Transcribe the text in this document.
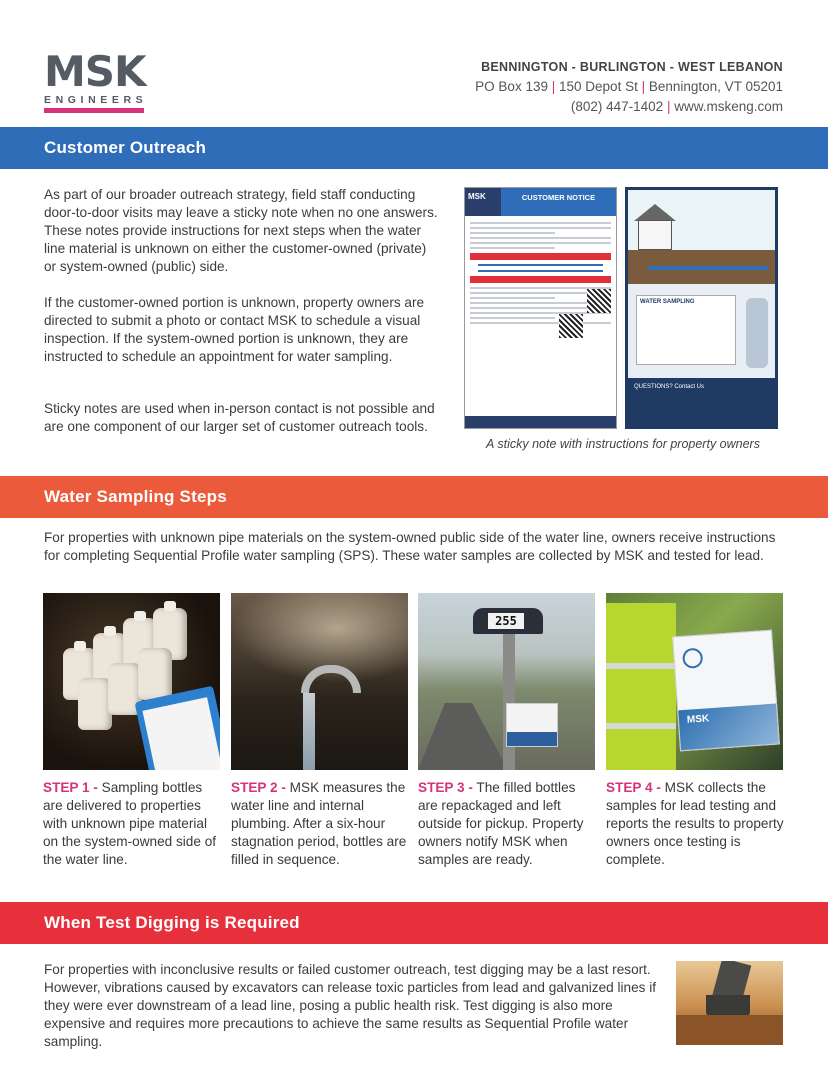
MSK
ENGINEERS
BENNINGTON - BURLINGTON - WEST LEBANON
PO Box 139 | 150 Depot St | Bennington, VT 05201
(802) 447-1402 | www.mskeng.com
Customer Outreach
As part of our broader outreach strategy, field staff conducting door-to-door visits may leave a sticky note when no one answers. These notes provide instructions for next steps when the water line material is unknown on either the customer-owned (private) or system-owned (public) side.
If the customer-owned portion is unknown, property owners are directed to submit a photo or contact MSK to schedule a visual inspection. If the system-owned portion is unknown, they are instructed to schedule an appointment for water sampling.
Sticky notes are used when in-person contact is not possible and are one component of our larger set of customer outreach tools.
MSK	CUSTOMER NOTICE
WATER SAMPLING
QUESTIONS? Contact Us
A sticky note with instructions for property owners
Water Sampling Steps
For properties with unknown pipe materials on the system-owned public side of the water line, owners receive instructions for completing Sequential Profile water sampling (SPS). These water samples are collected by MSK and tested for lead.
255
MSK
STEP 1 - Sampling bottles are delivered to properties with unknown pipe material on the system-owned side of the water line.
STEP 2 - MSK measures the water line and internal plumbing. After a six-hour stagnation period, bottles are filled in sequence.
STEP 3 - The filled bottles are repackaged and left outside for pickup. Property owners notify MSK when samples are ready.
STEP 4 - MSK collects the samples for lead testing and reports the results to property owners once testing is complete.
When Test Digging is Required
For properties with inconclusive results or failed customer outreach, test digging may be a last resort. However, vibrations caused by excavators can release toxic particles from lead and galvanized lines if they were ever downstream of a lead line, posing a public health risk. Test digging is also more expensive and requires more precautions to achieve the same results as Sequential Profile water sampling.
